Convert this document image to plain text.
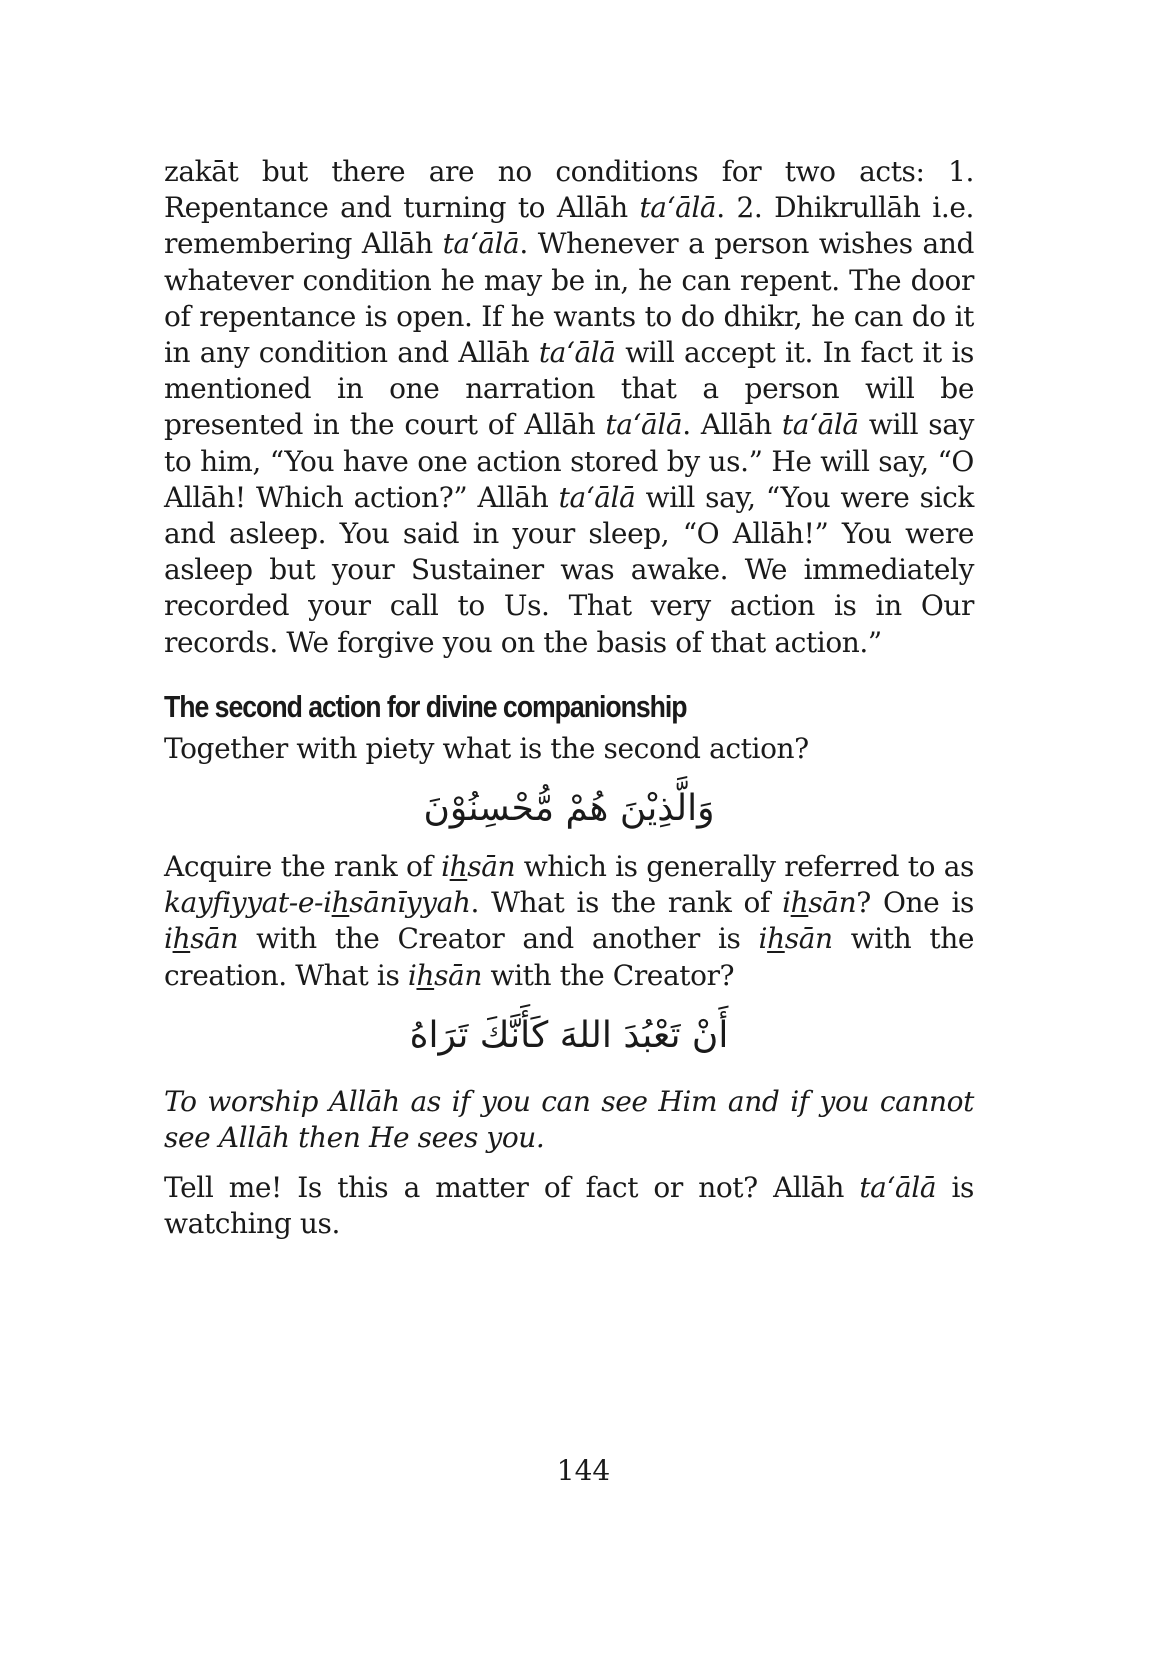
zakāt but there are no conditions for two acts: 1. Repentance and turning to Allāh ta‘ālā. 2. Dhikrullāh i.e. remembering Allāh ta‘ālā. Whenever a person wishes and whatever condition he may be in, he can repent. The door of repentance is open. If he wants to do dhikr, he can do it in any condition and Allāh ta‘ālā will accept it. In fact it is mentioned in one narration that a person will be presented in the court of Allāh ta‘ālā. Allāh ta‘ālā will say to him, “You have one action stored by us.” He will say, “O Allāh! Which action?” Allāh ta‘ālā will say, “You were sick and asleep. You said in your sleep, “O Allāh!” You were asleep but your Sustainer was awake. We immediately recorded your call to Us. That very action is in Our records. We forgive you on the basis of that action.”

The second action for divine companionship

Together with piety what is the second action?

وَالَّذِيْنَ هُمْ مُّحْسِنُوْنَ

Acquire the rank of ihsān which is generally referred to as kayfiyyat-e-ihsānīyyah. What is the rank of ihsān? One is ihsān with the Creator and another is ihsān with the creation. What is ihsān with the Creator?

أَنْ تَعْبُدَ اللهَ كَأَنَّكَ تَرَاهُ

To worship Allāh as if you can see Him and if you cannot see Allāh then He sees you.

Tell me! Is this a matter of fact or not? Allāh ta‘ālā is watching us.

144
